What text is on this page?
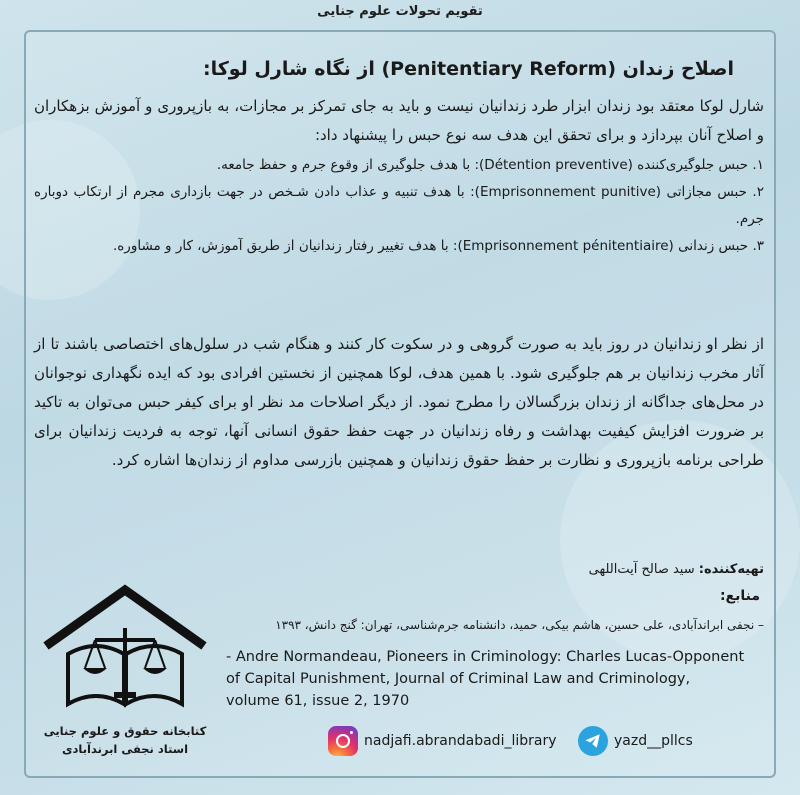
تقویم تحولات علوم جنایی
اصلاح زندان (Penitentiary Reform) از نگاه شارل لوکا:

شارل لوکا معتقد بود زندان ابزار طرد زندانیان نیست و باید به جای تمرکز بر مجازات، به بازپروری و آموزش بزهکاران و اصلاح آنان بپردازد و برای تحقق این هدف سه نوع حبس را پیشنهاد داد:

۱. حبس جلوگیری‌کننده (Détention preventive): با هدف جلوگیری از وقوع جرم و حفظ جامعه.

۲. حبس مجازاتی (Emprisonnement punitive): با هدف تنبیه و عذاب دادن شـخص در جهت بازداری مجرم از ارتکاب دوباره جرم.

۳. حبس زندانی (Emprisonnement pénitentiaire): با هدف تغییر رفتار زندانیان از طریق آموزش، کار و مشاوره.

از نظر او زندانیان در روز باید به صورت گروهی و در سکوت کار کنند و هنگام شب در سلول‌های اختصاصی باشند تا از آثار مخرب زندانیان بر هم جلوگیری شود. با همین هدف، لوکا همچنین از نخستین افرادی بود که ایده نگهداری نوجوانان در محل‌های جداگانه از زندان بزرگسالان را مطرح نمود. از دیگر اصلاحات مد نظر او برای کیفر حبس می‌توان به تاکید بر ضرورت افزایش کیفیت بهداشت و رفاه زندانیان در جهت حفظ حقوق انسانی آنها، توجه به فردیت زندانیان برای طراحی برنامه بازپروری و نظارت بر حفظ حقوق زندانیان و همچنین بازرسی مداوم از زندان‌ها اشاره کرد.

تهیه‌کننده: سید صالح آیت‌اللهی
منابع:
– نجفی ابراندآبادی، علی حسین، هاشم بیکی، حمید، دانشنامه جرم‌شناسی، تهران: گنج دانش، ۱۳۹۳
- Andre Normandeau, Pioneers in Criminology: Charles Lucas-Opponent of Capital Punishment, Journal of Criminal Law and Criminology, volume 61, issue 2, 1970
کتابخانه حقوق و علوم جنایی
استاد نجفی ابرندآبادی	nadjafi.abrandabadi_library	yazd__pllcs
